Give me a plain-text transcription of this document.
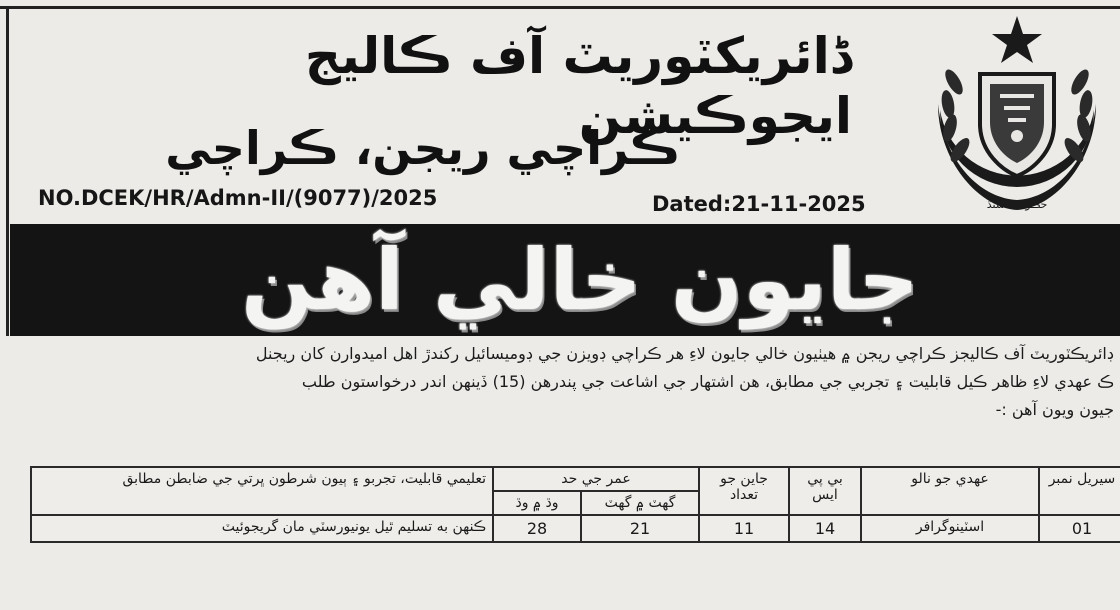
ڈائریکٽوریٽ آف ڪاليج ايجوڪيشن
ڪراچي ريجن، ڪراچي
NO.DCEK/HR/Admn-II/(9077)/2025	Dated:21-11-2025	حڪومت سنڌ
جايون خالي آهن
ڊائريڪٽوريٽ آف ڪاليجز ڪراچي ريجن ۾ هيٺيون خالي جايون لاءِ هر ڪراچي ڊويزن جي ڊوميسائيل رکندڙ اهل اميدوارن کان ريجنل
ڪ عهدي لاءِ ظاهر ڪيل قابليت ۽ تجربي جي مطابق، هن اشتهار جي اشاعت جي پندرهن (15) ڏينهن اندر درخواستون طلب
جيون ويون آهن :-
سيريل نمبر	عهدي جو نالو	بي پي ايس	جاين جو تعداد	عمر جي حد		تعليمي قابليت، تجربو ۽ ٻيون شرطون ڀرتي جي ضابطن مطابق
				گهٽ ۾ گهٽ	وڌ ۾ وڌ	
01	اسٽينوگرافر	14	11	21	28	ڪنهن به تسليم ٿيل يونيورسٽي مان گريجوئيٽ
